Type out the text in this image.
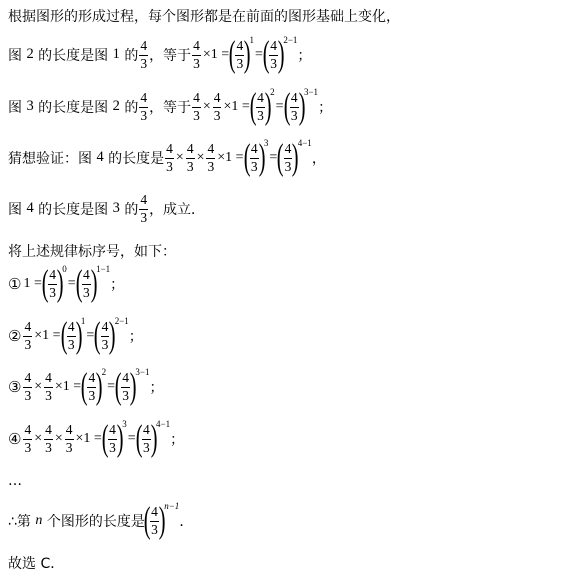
根据图形的形成过程，每个图形都是在前面的图形基础上变化，
图
2
的长度是图
1
的 $\frac{4}{3}$ ，等于 $\frac{4}{3} \times 1$ = ( $\frac{4}{3}$ )
1
= ( $\frac{4}{3}$ )
2−1
；
图
3
的长度是图
2
的 $\frac{4}{3}$ ，等于 $\frac{4}{3} \times \frac{4}{3} \times 1$ = ( $\frac{4}{3}$ )
2
= ( $\frac{4}{3}$ )
3−1
；
猜想验证：图
4
的长度是 $\frac{4}{3} \times \frac{4}{3} \times \frac{4}{3} \times 1$ = ( $\frac{4}{3}$ )
3
= ( $\frac{4}{3}$ )
4−1
，
图
4
的长度是图
3
的 $\frac{4}{3}$ ，成立．
将上述规律标序号，如下：
① 1 = ( $\frac{4}{3}$ )
0
= ( $\frac{4}{3}$ )
1−1
；
② $\frac{4}{3} \times 1$ = ( $\frac{4}{3}$ )
1
= ( $\frac{4}{3}$ )
2−1
；
③ $\frac{4}{3} \times \frac{4}{3} \times 1$ = ( $\frac{4}{3}$ )
2
= ( $\frac{4}{3}$ )
3−1
；
④ $\frac{4}{3} \times \frac{4}{3} \times \frac{4}{3} \times 1$ = ( $\frac{4}{3}$ )
3
= ( $\frac{4}{3}$ )
4−1
；
…
∴第
n
个图形的长度是
( $\frac{4}{3}$ )
n−1
．
故选 C．
